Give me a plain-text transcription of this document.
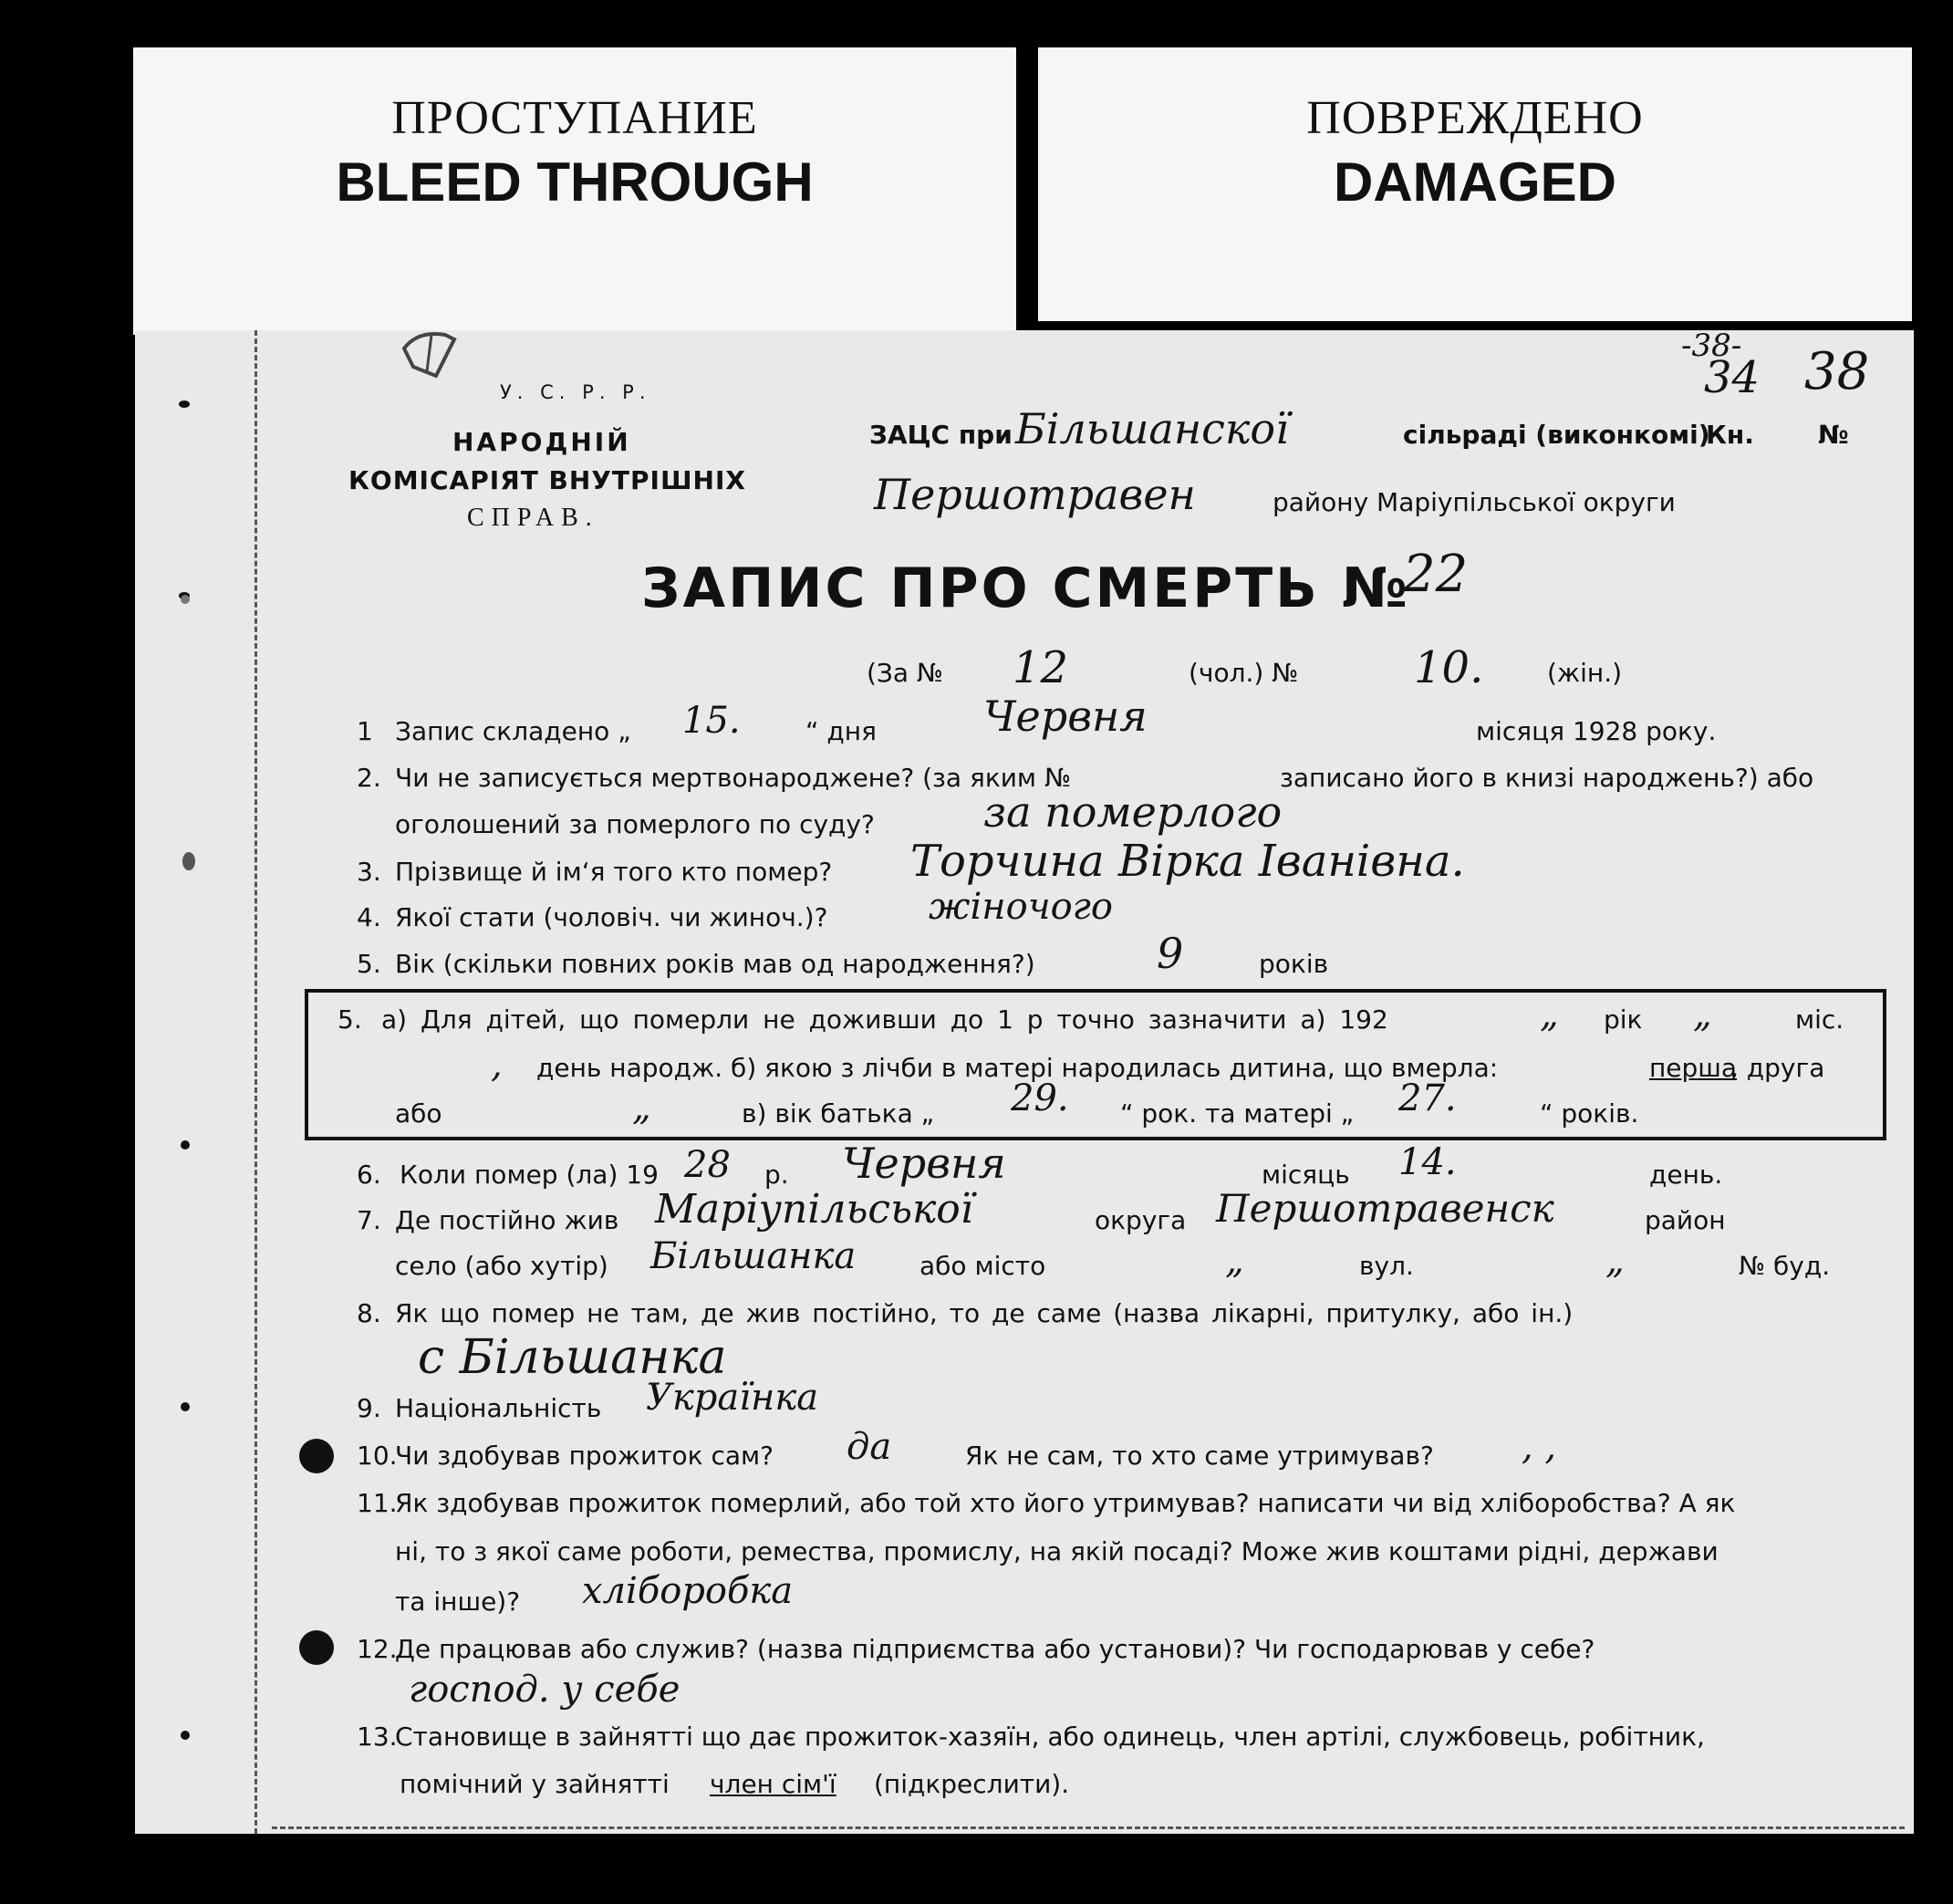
ПРОСТУПАНИЕ
BLEED THROUGH
ПОВРЕЖДЕНО
DAMAGED
-38-
34 38
У. С. Р. Р.
НАРОДНІЙ
КОМІСАРІЯТ ВНУТРІШНІХ
СПРАВ.
ЗАЦС при Бiльшанскої	сільраді (виконкомі)
Кн.	№
Першотравен	району Маріупільської округи
ЗАПИС ПРО СМЕРТЬ №
22
(За № 12	(чол.) №	10. (жін.)
1 Запис складено „ 15.	“ дня	Червня	місяця 1928 року.
2. Чи не записується мертвонароджене? (за яким №	записано його в книзі народжень?) або
оголошений за померлого по суду?	за померлого
3. Прізвище й ім‘я того кто помер? Торчина Вірка Іванівна.
4. Якої стати (чоловіч. чи жиноч.)?	жіночого
5. Вік (скільки повних років мав од народження?)	9	років
5. а) Для дітей, що померли не доживши до 1 р точно зазначити а) 192	„ рік „	міс.
, день народж. б) якою з лічби в матері народилась дитина, що вмерла:	перша
, друга
або	„	в) вік батька „ 29. “ рок. та матері „ 27.	“ років.
6. Коли помер (ла) 19 28 р. Червня	місяць 14.	день.
7. Де постійно жив Маріупільської	округа Першотравенск	район
село (або хутір) Більшанка або місто	„	вул.	„	№ буд.
8. Як що помер не там, де жив постійно, то де саме (назва лікарні, притулку, або ін.)
с Більшанка
9. Національність Українка
10.
Чи здобував прожиток сам? да	Як не сам, то хто саме утримував? , ,
11.
Як здобував прожиток померлий, або той хто його утримував? написати чи від хліборобства? А як
ні, то з якої саме роботи, ремества, промислу, на якій посаді? Може жив коштами рідні, держави
та інше)? хліборобка
12.
Де працював або служив? (назва підприємства або установи)? Чи господарював у себе?
господ. у себе
13.
Становище в зайнятті що дає прожиток-хазяїн, або одинець, член артілі, службовець, робітник,
помічний у зайнятті член сім'ї (підкреслити).
